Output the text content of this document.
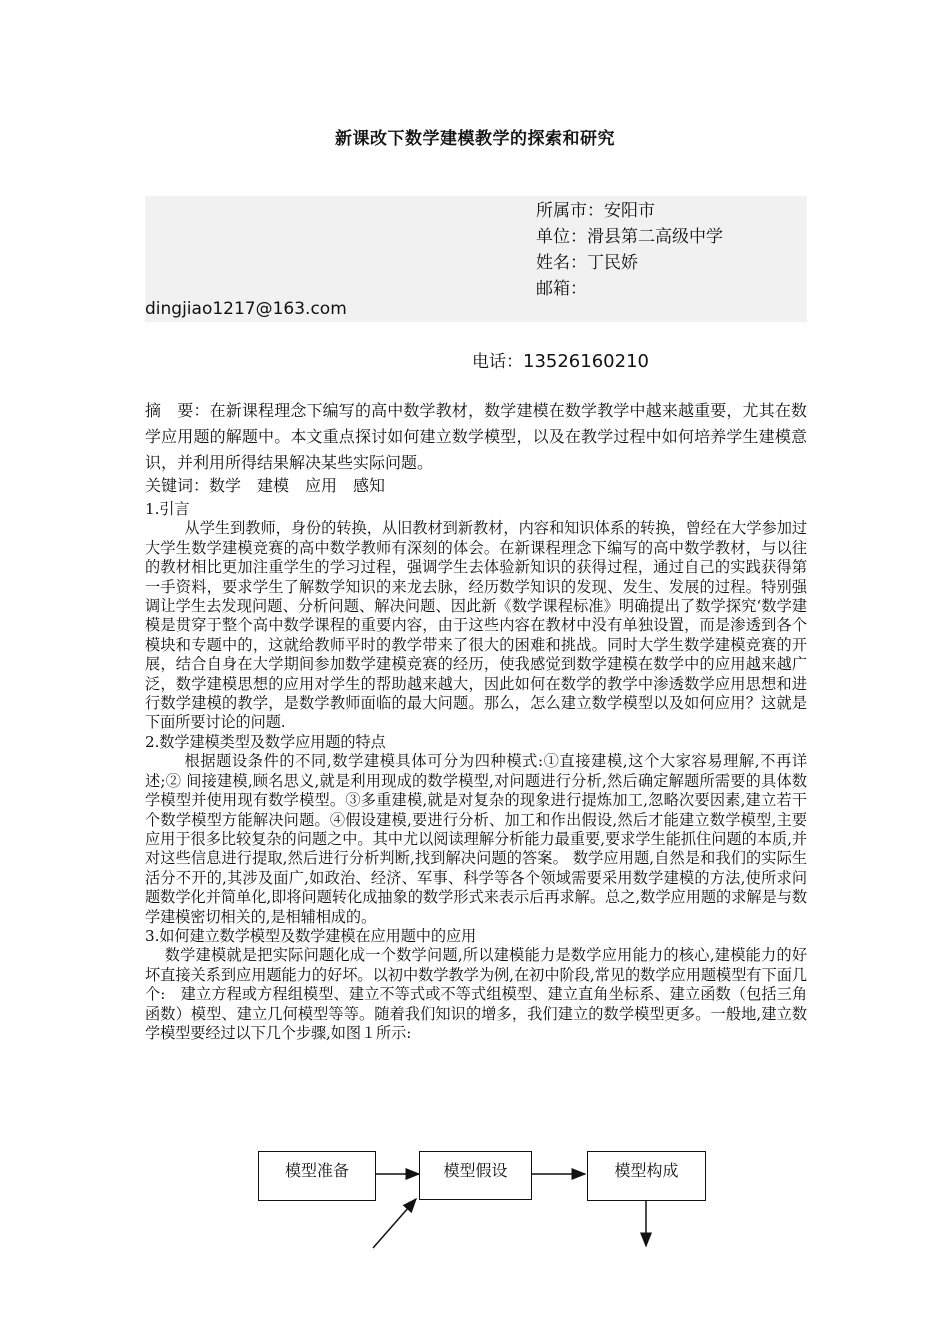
新课改下数学建模教学的探索和研究
所属市：安阳市
单位：滑县第二高级中学
姓名：丁民娇
邮箱：
dingjiao1217@163.com
电话：13526160210
摘　要：在新课程理念下编写的高中数学教材，数学建模在数学教学中越来越重要，尤其在数学应用题的解题中。本文重点探讨如何建立数学模型，以及在教学过程中如何培养学生建模意识，并利用所得结果解决某些实际问题。
关键词：数学　建模　应用　感知

1.引言

从学生到教师，身份的转换，从旧教材到新教材，内容和知识体系的转换，曾经在大学参加过大学生数学建模竞赛的高中数学教师有深刻的体会。在新课程理念下编写的高中数学教材，与以往的教材相比更加注重学生的学习过程，强调学生去体验新知识的获得过程，通过自己的实践获得第一手资料，要求学生了解数学知识的来龙去脉，经历数学知识的发现、发生、发展的过程。特别强调让学生去发现问题、分析问题、解决问题、因此新《数学课程标准》明确提出了数学探究‘数学建模是贯穿于整个高中数学课程的重要内容，由于这些内容在教材中没有单独设置，而是渗透到各个模块和专题中的，这就给教师平时的教学带来了很大的困难和挑战。同时大学生数学建模竞赛的开展，结合自身在大学期间参加数学建模竞赛的经历，使我感觉到数学建模在数学中的应用越来越广泛，数学建模思想的应用对学生的帮助越来越大，因此如何在数学的教学中渗透数学应用思想和进行数学建模的教学，是数学教师面临的最大问题。那么，怎么建立数学模型以及如何应用？这就是下面所要讨论的问题.

2.数学建模类型及数学应用题的特点

根据题设条件的不同,数学建模具体可分为四种模式:①直接建模,这个大家容易理解,不再详述;② 间接建模,顾名思义,就是利用现成的数学模型,对问题进行分析,然后确定解题所需要的具体数学模型并使用现有数学模型。③多重建模,就是对复杂的现象进行提炼加工,忽略次要因素,建立若干个数学模型方能解决问题。④假设建模,要进行分析、加工和作出假设,然后才能建立数学模型,主要应用于很多比较复杂的问题之中。其中尤以阅读理解分析能力最重要,要求学生能抓住问题的本质,并对这些信息进行提取,然后进行分析判断,找到解决问题的答案。 数学应用题,自然是和我们的实际生活分不开的,其涉及面广,如政治、经济、军事、科学等各个领域需要采用数学建模的方法,使所求问题数学化并简单化,即将问题转化成抽象的数学形式来表示后再求解。总之,数学应用题的求解是与数学建模密切相关的,是相辅相成的。

3.如何建立数学模型及数学建模在应用题中的应用

数学建模就是把实际问题化成一个数学问题,所以建模能力是数学应用能力的核心,建模能力的好坏直接关系到应用题能力的好坏。以初中数学教学为例,在初中阶段,常见的数学应用题模型有下面几个:　建立方程或方程组模型、建立不等式或不等式组模型、建立直角坐标系、建立函数（包括三角函数）模型、建立几何模型等等。随着我们知识的增多，我们建立的数学模型更多。一般地,建立数学模型要经过以下几个步骤,如图１所示:

模型准备	模型假设	模型构成
